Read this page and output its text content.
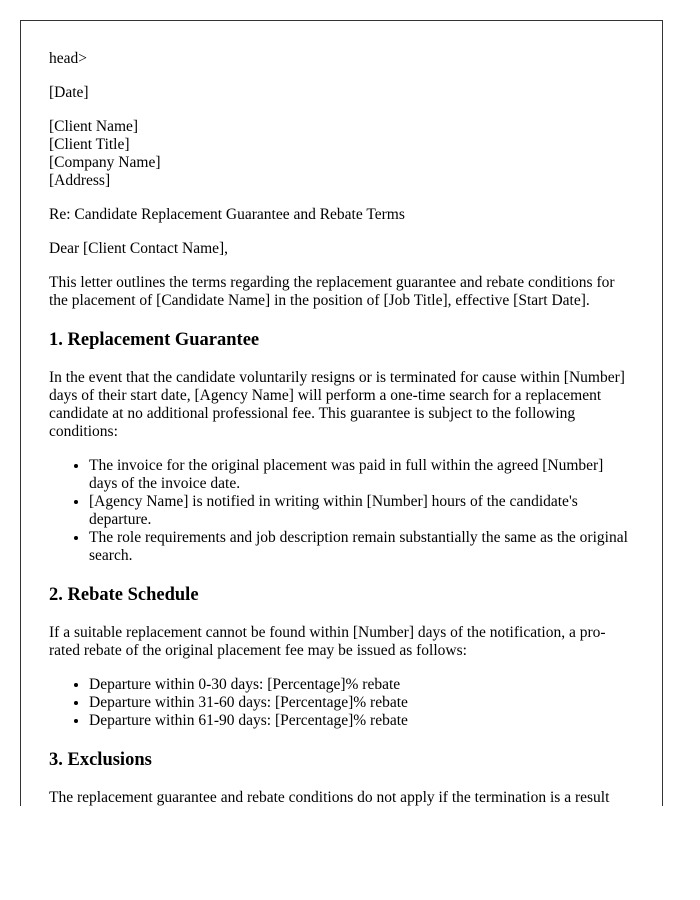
head>

[Date]

[Client Name]
[Client Title]
[Company Name]
[Address]

Re: Candidate Replacement Guarantee and Rebate Terms

Dear [Client Contact Name],

This letter outlines the terms regarding the replacement guarantee and rebate conditions for the placement of [Candidate Name] in the position of [Job Title], effective [Start Date].

1. Replacement Guarantee

In the event that the candidate voluntarily resigns or is terminated for cause within [Number] days of their start date, [Agency Name] will perform a one-time search for a replacement candidate at no additional professional fee. This guarantee is subject to the following conditions:

• The invoice for the original placement was paid in full within the agreed [Number] days of the invoice date.
• [Agency Name] is notified in writing within [Number] hours of the candidate's departure.
• The role requirements and job description remain substantially the same as the original search.
2. Rebate Schedule

If a suitable replacement cannot be found within [Number] days of the notification, a pro-rated rebate of the original placement fee may be issued as follows:

• Departure within 0-30 days: [Percentage]% rebate
• Departure within 31-60 days: [Percentage]% rebate
• Departure within 61-90 days: [Percentage]% rebate
3. Exclusions

The replacement guarantee and rebate conditions do not apply if the termination is a result
